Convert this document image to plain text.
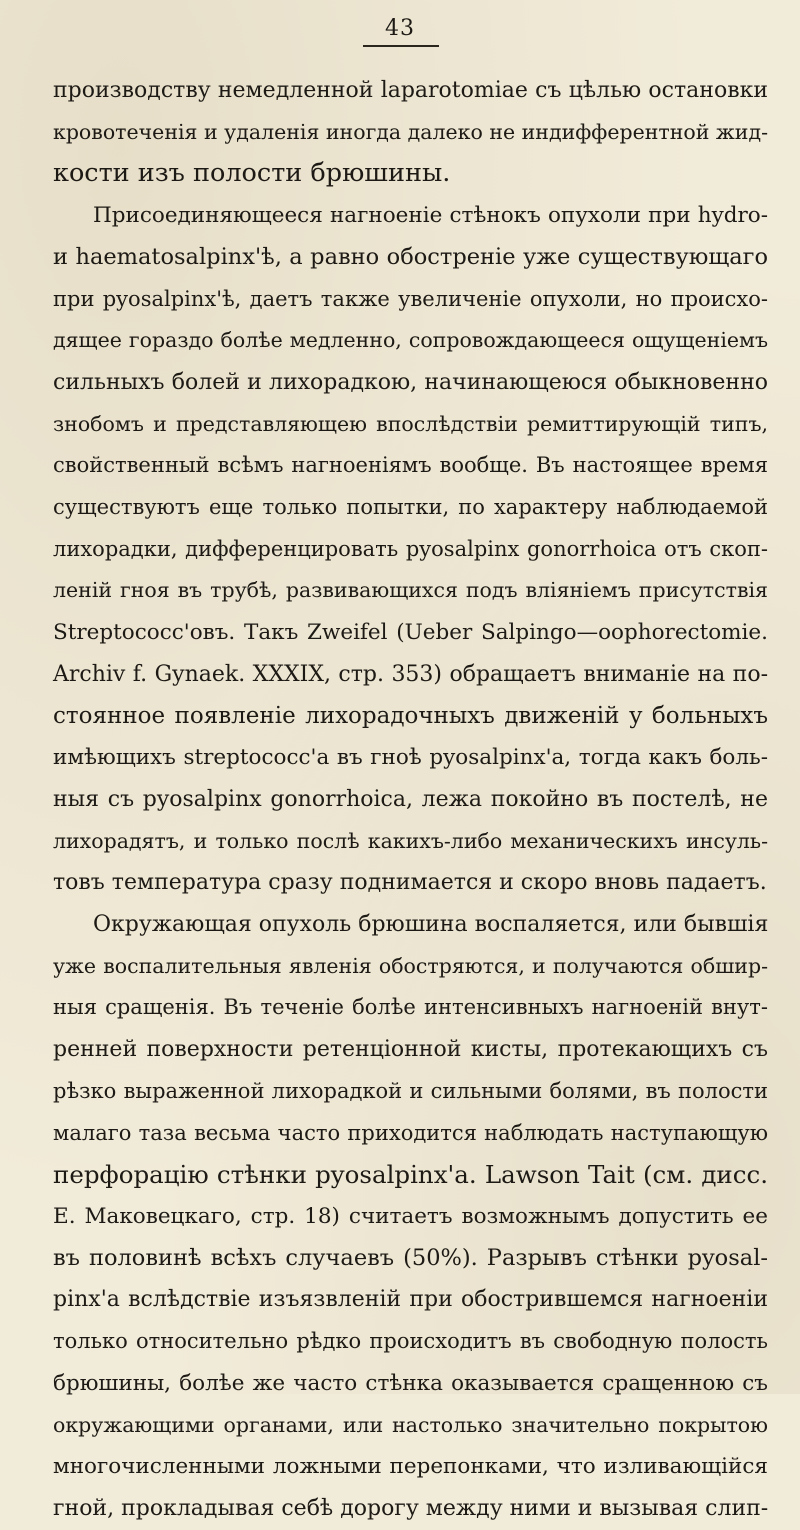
43
производству немедленной laparotomiae съ цѣлью остановки
кровотеченія и удаленія иногда далеко не индифферентной жид-
кости изъ полости брюшины.
Присоединяющееся нагноеніе стѣнокъ опухоли при hydro-
и haematosalpinx'ѣ, а равно обостреніе уже существующаго
при pyosalpinx'ѣ, даетъ также увеличеніе опухоли, но происхо-
дящее гораздо болѣе медленно, сопровождающееся ощущеніемъ
сильныхъ болей и лихорадкою, начинающеюся обыкновенно
знобомъ и представляющею впослѣдствіи ремиттирующій типъ,
свойственный всѣмъ нагноеніямъ вообще. Въ настоящее время
существуютъ еще только попытки, по характеру наблюдаемой
лихорадки, дифференцировать pyosalpinx gonorrhoica отъ скоп-
леній гноя въ трубѣ, развивающихся подъ вліяніемъ присутствія
Streptococc'овъ. Такъ Zweifel (Ueber Salpingo—oophorectomie.
Archiv f. Gynaek. XXXIX, стр. 353) обращаетъ вниманіе на по-
стоянное появленіе лихорадочныхъ движеній у больныхъ
имѣющихъ streptococc'a въ гноѣ pyosalpinx'a, тогда какъ боль-
ныя съ pyosalpinx gonorrhoica, лежа покойно въ постелѣ, не
лихорадятъ, и только послѣ какихъ-либо механическихъ инсуль-
товъ температура сразу поднимается и скоро вновь падаетъ.
Окружающая опухоль брюшина воспаляется, или бывшія
уже воспалительныя явленія обостряются, и получаются обшир-
ныя сращенія. Въ теченіе болѣе интенсивныхъ нагноеній внут-
ренней поверхности ретенціонной кисты, протекающихъ съ
рѣзко выраженной лихорадкой и сильными болями, въ полости
малаго таза весьма часто приходится наблюдать наступающую
перфорацію стѣнки pyosalpinx'a. Lawson Tait (см. дисс.
Е. Маковецкаго, стр. 18) считаетъ возможнымъ допустить ее
въ половинѣ всѣхъ случаевъ (50%). Разрывъ стѣнки pyosal-
pinx'a вслѣдствіе изъязвленій при обострившемся нагноеніи
только относительно рѣдко происходитъ въ свободную полость
брюшины, болѣе же часто стѣнка оказывается сращенною съ
окружающими органами, или настолько значительно покрытою
многочисленными ложными перепонками, что изливающійся
гной, прокладывая себѣ дорогу между ними и вызывая слип-
